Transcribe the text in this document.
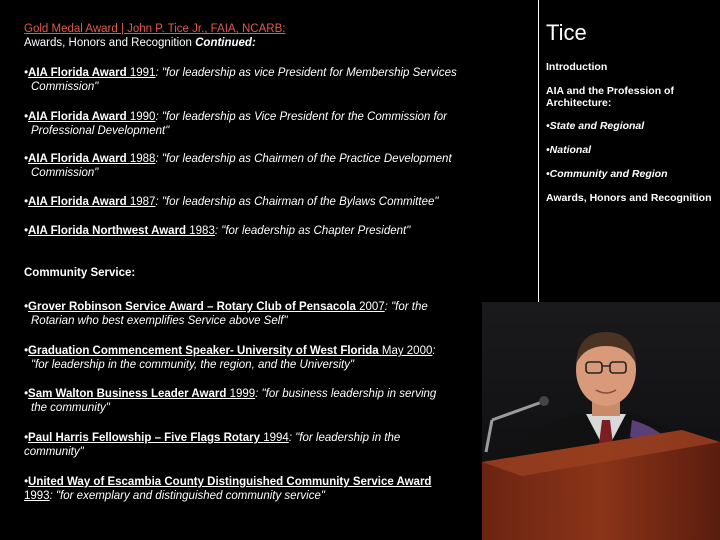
Gold Medal Award | John P. Tice Jr., FAIA, NCARB:
Awards, Honors and Recognition Continued:
•AIA Florida Award 1991: "for leadership as vice President for Membership Services
Commission"
•AIA Florida Award 1990: "for leadership as Vice President for the Commission for
Professional Development"
•AIA Florida Award 1988: "for leadership as Chairmen of the Practice Development
Commission"
•AIA Florida Award 1987: "for leadership as Chairman of the Bylaws Committee"
•AIA Florida Northwest Award 1983: "for leadership as Chapter President"
Community Service:
•Grover Robinson Service Award – Rotary Club of Pensacola 2007: "for the
Rotarian who best exemplifies Service above Self"
•Graduation Commencement Speaker- University of West Florida May 2000:
"for leadership in the community, the region, and the University"
•Sam Walton Business Leader Award 1999: "for business leadership in serving
the community"
•Paul Harris Fellowship – Five Flags Rotary 1994: "for leadership in the
community"
•United Way of Escambia County Distinguished Community Service Award
1993: "for exemplary and distinguished community service"
Tice
Introduction
AIA and the Profession of Architecture:
•State and Regional
•National
•Community and Region
Awards, Honors and Recognition
